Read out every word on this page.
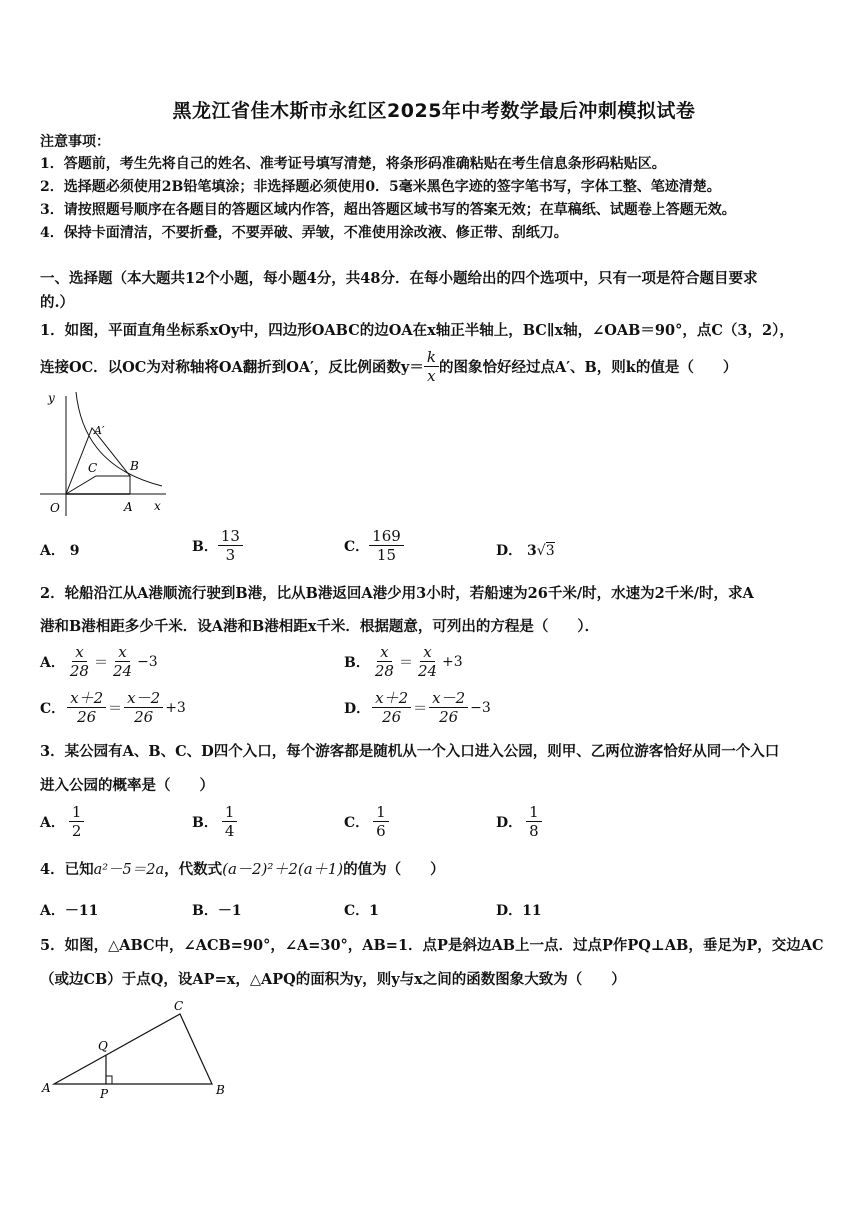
黑龙江省佳木斯市永红区2025年中考数学最后冲刺模拟试卷
注意事项：
1．答题前，考生先将自己的姓名、准考证号填写清楚，将条形码准确粘贴在考生信息条形码粘贴区。
2．选择题必须使用2B铅笔填涂；非选择题必须使用0．5毫米黑色字迹的签字笔书写，字体工整、笔迹清楚。
3．请按照题号顺序在各题目的答题区域内作答，超出答题区域书写的答案无效；在草稿纸、试题卷上答题无效。
4．保持卡面清洁，不要折叠，不要弄破、弄皱，不准使用涂改液、修正带、刮纸刀。
一、选择题（本大题共12个小题，每小题4分，共48分．在每小题给出的四个选项中，只有一项是符合题目要求
的.）
1．如图，平面直角坐标系xOy中，四边形OABC的边OA在x轴正半轴上，BC∥x轴，∠OAB＝90°，点C（3，2），
连接OC．以OC为对称轴将OA翻折到OA′，反比例函数$y= \frac{k}{x}$ 的图象恰好经过点A′、B，则k的值是（　　）
y
x
O	A
A′
B
C
A． 9	B． $\frac{13}{3}$	C． $\frac{169}{15}$	D． 3√3
2．轮船沿江从A港顺流行驶到B港，比从B港返回A港少用3小时，若船速为26千米/时，水速为2千米/时，求A
港和B港相距多少千米．设A港和B港相距x千米．根据题意，可列出的方程是（　　）．
A． $\frac{x}{28} = \frac{x}{24} -3$	B． $\frac{x}{28} = \frac{x}{24} +3$
C． $\frac{x+2}{26} = \frac{x-2}{26} +3$	D． $\frac{x+2}{26} = \frac{x-2}{26} -3$
3．某公园有A、B、C、D四个入口，每个游客都是随机从一个入口进入公园，则甲、乙两位游客恰好从同一个入口
进入公园的概率是（　　）
A． $\frac{1}{2}$	B． $\frac{1}{4}$	C． $\frac{1}{6}$	D． $\frac{1}{8}$
4．已知a²－5＝2a，代数式(a－2)²＋2(a＋1)的值为（　　）
A．－11	B．－1	C．1	D．11
5．如图，△ABC中，∠ACB=90°，∠A=30°，AB=1．点P是斜边AB上一点．过点P作PQ⊥AB，垂足为P，交边AC
（或边CB）于点Q，设AP=x，△APQ的面积为y，则y与x之间的函数图象大致为（　　）
A	B
C
P
Q
